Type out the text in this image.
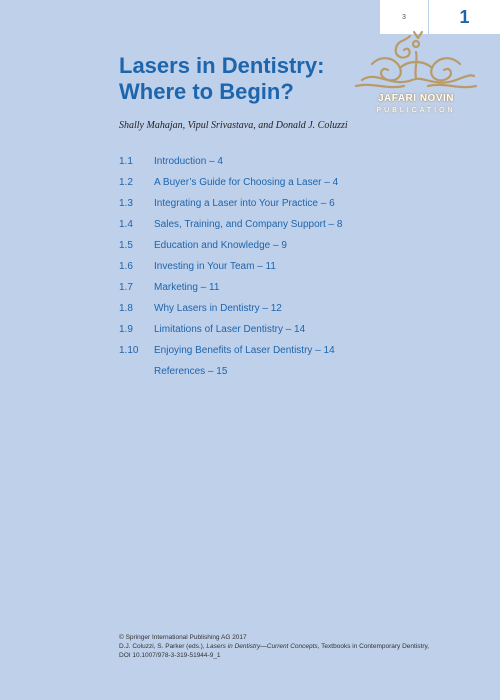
3	1
JAFARI NOVIN
PUBLICATION
Lasers in Dentistry:
Where to Begin?
Shally Mahajan, Vipul Srivastava, and Donald J. Coluzzi
1.1	Introduction – 4
1.2	A Buyer’s Guide for Choosing a Laser – 4
1.3	Integrating a Laser into Your Practice – 6
1.4	Sales, Training, and Company Support – 8
1.5	Education and Knowledge – 9
1.6	Investing in Your Team – 11
1.7	Marketing – 11
1.8	Why Lasers in Dentistry – 12
1.9	Limitations of Laser Dentistry – 14
1.10	Enjoying Benefits of Laser Dentistry – 14
References – 15
© Springer International Publishing AG 2017
D.J. Coluzzi, S. Parker (eds.), Lasers in Dentistry—Current Concepts, Textbooks in Contemporary Dentistry,
DOI 10.1007/978-3-319-51944-9_1
